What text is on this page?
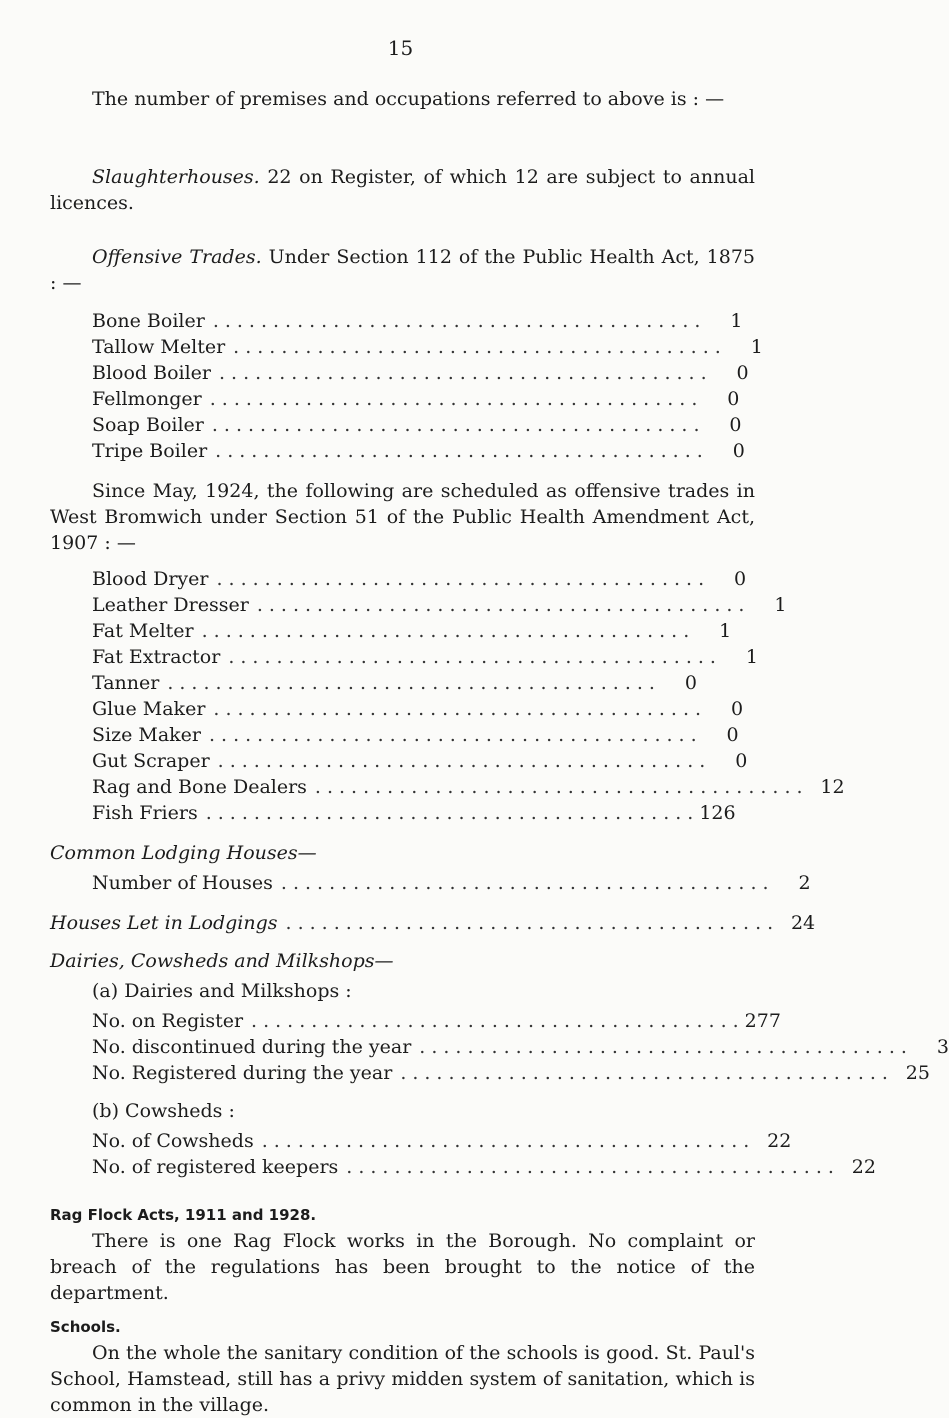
15
The number of premises and occupations referred to above is : —
Slaughterhouses. 22 on Register, of which 12 are subject to annual licences.
Offensive Trades. Under Section 112 of the Public Health Act, 1875 : —
Bone Boiler .........................................	1
Tallow Melter .........................................	1
Blood Boiler .........................................	0
Fellmonger .........................................	0
Soap Boiler .........................................	0
Tripe Boiler .........................................	0
Since May, 1924, the following are scheduled as offensive trades in West Bromwich under Section 51 of the Public Health Amendment Act, 1907 : —
Blood Dryer .........................................	0
Leather Dresser .........................................	1
Fat Melter .........................................	1
Fat Extractor .........................................	1
Tanner .........................................	0
Glue Maker .........................................	0
Size Maker .........................................	0
Gut Scraper .........................................	0
Rag and Bone Dealers ......................................... 12
Fish Friers ......................................... 126
Common Lodging Houses—
Number of Houses .........................................	2
Houses Let in Lodgings ......................................... 24
Dairies, Cowsheds and Milkshops—
(a) Dairies and Milkshops :
No. on Register ......................................... 277
No. discontinued during the year .........................................	3
No. Registered during the year ......................................... 25
(b) Cowsheds :
No. of Cowsheds ......................................... 22
No. of registered keepers ......................................... 22
Rag Flock Acts, 1911 and 1928.
There is one Rag Flock works in the Borough. No complaint or breach of the regulations has been brought to the notice of the department.
Schools.
On the whole the sanitary condition of the schools is good. St. Paul's School, Hamstead, still has a privy midden system of sanitation, which is common in the village.
